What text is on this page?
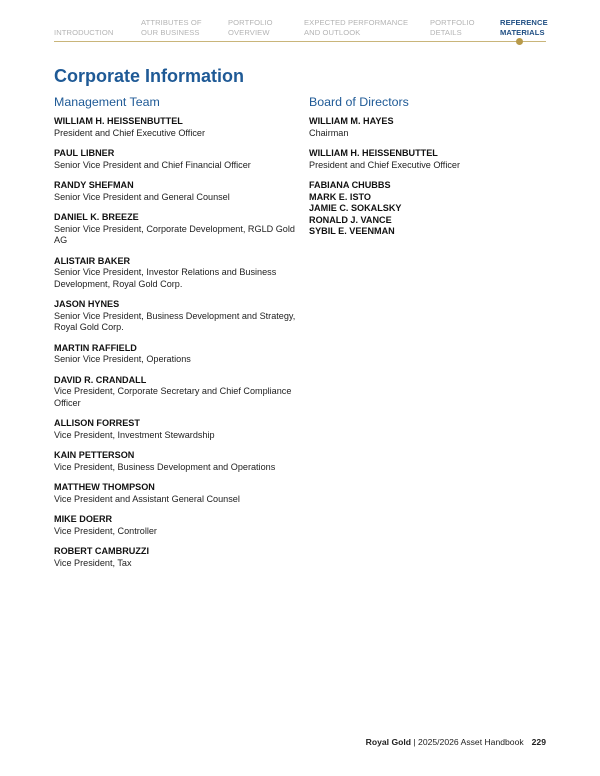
INTRODUCTION
ATTRIBUTES OF
OUR BUSINESS
PORTFOLIO
OVERVIEW
EXPECTED PERFORMANCE
AND OUTLOOK
PORTFOLIO
DETAILS
REFERENCE
MATERIALS
Corporate Information
Management Team
WILLIAM H. HEISSENBUTTEL
President and Chief Executive Officer
PAUL LIBNER
Senior Vice President and Chief Financial Officer
RANDY SHEFMAN
Senior Vice President and General Counsel
DANIEL K. BREEZE
Senior Vice President, Corporate Development, RGLD Gold AG
ALISTAIR BAKER
Senior Vice President, Investor Relations and Business Development, Royal Gold Corp.
JASON HYNES
Senior Vice President, Business Development and Strategy, Royal Gold Corp.
MARTIN RAFFIELD
Senior Vice President, Operations
DAVID R. CRANDALL
Vice President, Corporate Secretary and Chief Compliance Officer
ALLISON FORREST
Vice President, Investment Stewardship
KAIN PETTERSON
Vice President, Business Development and Operations
MATTHEW THOMPSON
Vice President and Assistant General Counsel
MIKE DOERR
Vice President, Controller
ROBERT CAMBRUZZI
Vice President, Tax
Board of Directors
WILLIAM M. HAYES
Chairman
WILLIAM H. HEISSENBUTTEL
President and Chief Executive Officer
FABIANA CHUBBS
MARK E. ISTO
JAMIE C. SOKALSKY
RONALD J. VANCE
SYBIL E. VEENMAN
Royal Gold | 2025/2026 Asset Handbook 229
